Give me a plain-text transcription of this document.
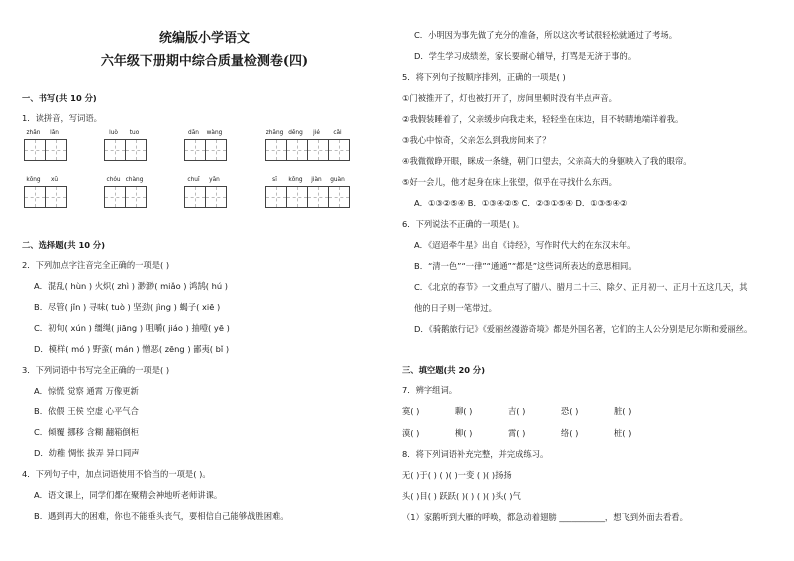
统编版小学语文
六年级下册期中综合质量检测卷(四)
一、书写(共 10 分)
1．读拼音，写词语。
zhǎn	lǎn	luò	tuo	dān	wàng	zhāng dēng	jié	cǎi
kōng	xū	chóu chàng	chuī	yān	sī	kōng	jiàn	guàn
二、选择题(共 10 分)
2．下列加点字注音完全正确的一项是( )
A．混乱( hùn ) 火炽( zhì ) 渺渺( miǎo ) 鸿鹄( hú )
B．尽管( jǐn ) 寻味( tuò ) 坚劲( jìng ) 蝎子( xiē )
C．初旬( xún ) 缰绳( jiāng ) 咀嚼( jiáo ) 抽噎( yē )
D．模样( mó ) 野蛮( mán ) 憎恶( zēng ) 鄙夷( bǐ )
3．下列词语中书写完全正确的一项是( )
A．惊慌 觉察 通霄 万像更新
B．依偎 王侯 空虚 心平气合
C．倾覆 挪移 含糊 翻箱倒柜
D．幼稚 惆怅 拔弄 异口同声
4．下列句子中，加点词语使用不恰当的一项是( )。
A．语文课上，同学们都在聚精会神地听老师讲课。
B．遇到再大的困难，你也不能垂头丧气，要相信自己能够战胜困难。
C．小明因为事先做了充分的准备，所以这次考试很轻松就通过了考场。
D．学生学习成绩差，家长要耐心辅导，打骂是无济于事的。
5．将下列句子按顺序排列，正确的一项是( )
①门被推开了，灯也被打开了，房间里顿时没有半点声音。
②我假装睡着了，父亲缓步向我走来，轻轻坐在床边，目不转睛地端详着我。
③我心中惊奇，父亲怎么到我房间来了？
④我微微睁开眼，眯成一条缝，朝门口望去，父亲高大的身躯映入了我的眼帘。
⑤好一会儿，他才起身在床上张望，似乎在寻找什么东西。
A．①③②⑤④ B．①③④②⑤ C．②③①⑤④ D．①③⑤④②
6．下列说法不正确的一项是( )。
A．《迢迢牵牛星》出自《诗经》，写作时代大约在东汉末年。
B．“清一色”“一律”“通通”“都是”这些词所表达的意思相同。
C．《北京的春节》一文重点写了腊八、腊月二十三、除夕、正月初一、正月十五这几天，其
他的日子则一笔带过。
D．《骑鹅旅行记》《爱丽丝漫游奇境》都是外国名著，它们的主人公分别是尼尔斯和爱丽丝。
三、填空题(共 20 分)
7．辨字组词。
寞( )	聊( )	吉( )	恐( )	脏( )
漠( )	柳( )	霄( )	络( )	桩( )
8．将下列词语补充完整，并完成练习。
无( )于( ) ( )( )一变 ( )( )扬扬
头( )目( ) 跃跃( )( ) ( )( )头( )气
（1）家鹅听到大雁的呼唤，都急动着翅膀 ___________，想飞到外面去看看。
